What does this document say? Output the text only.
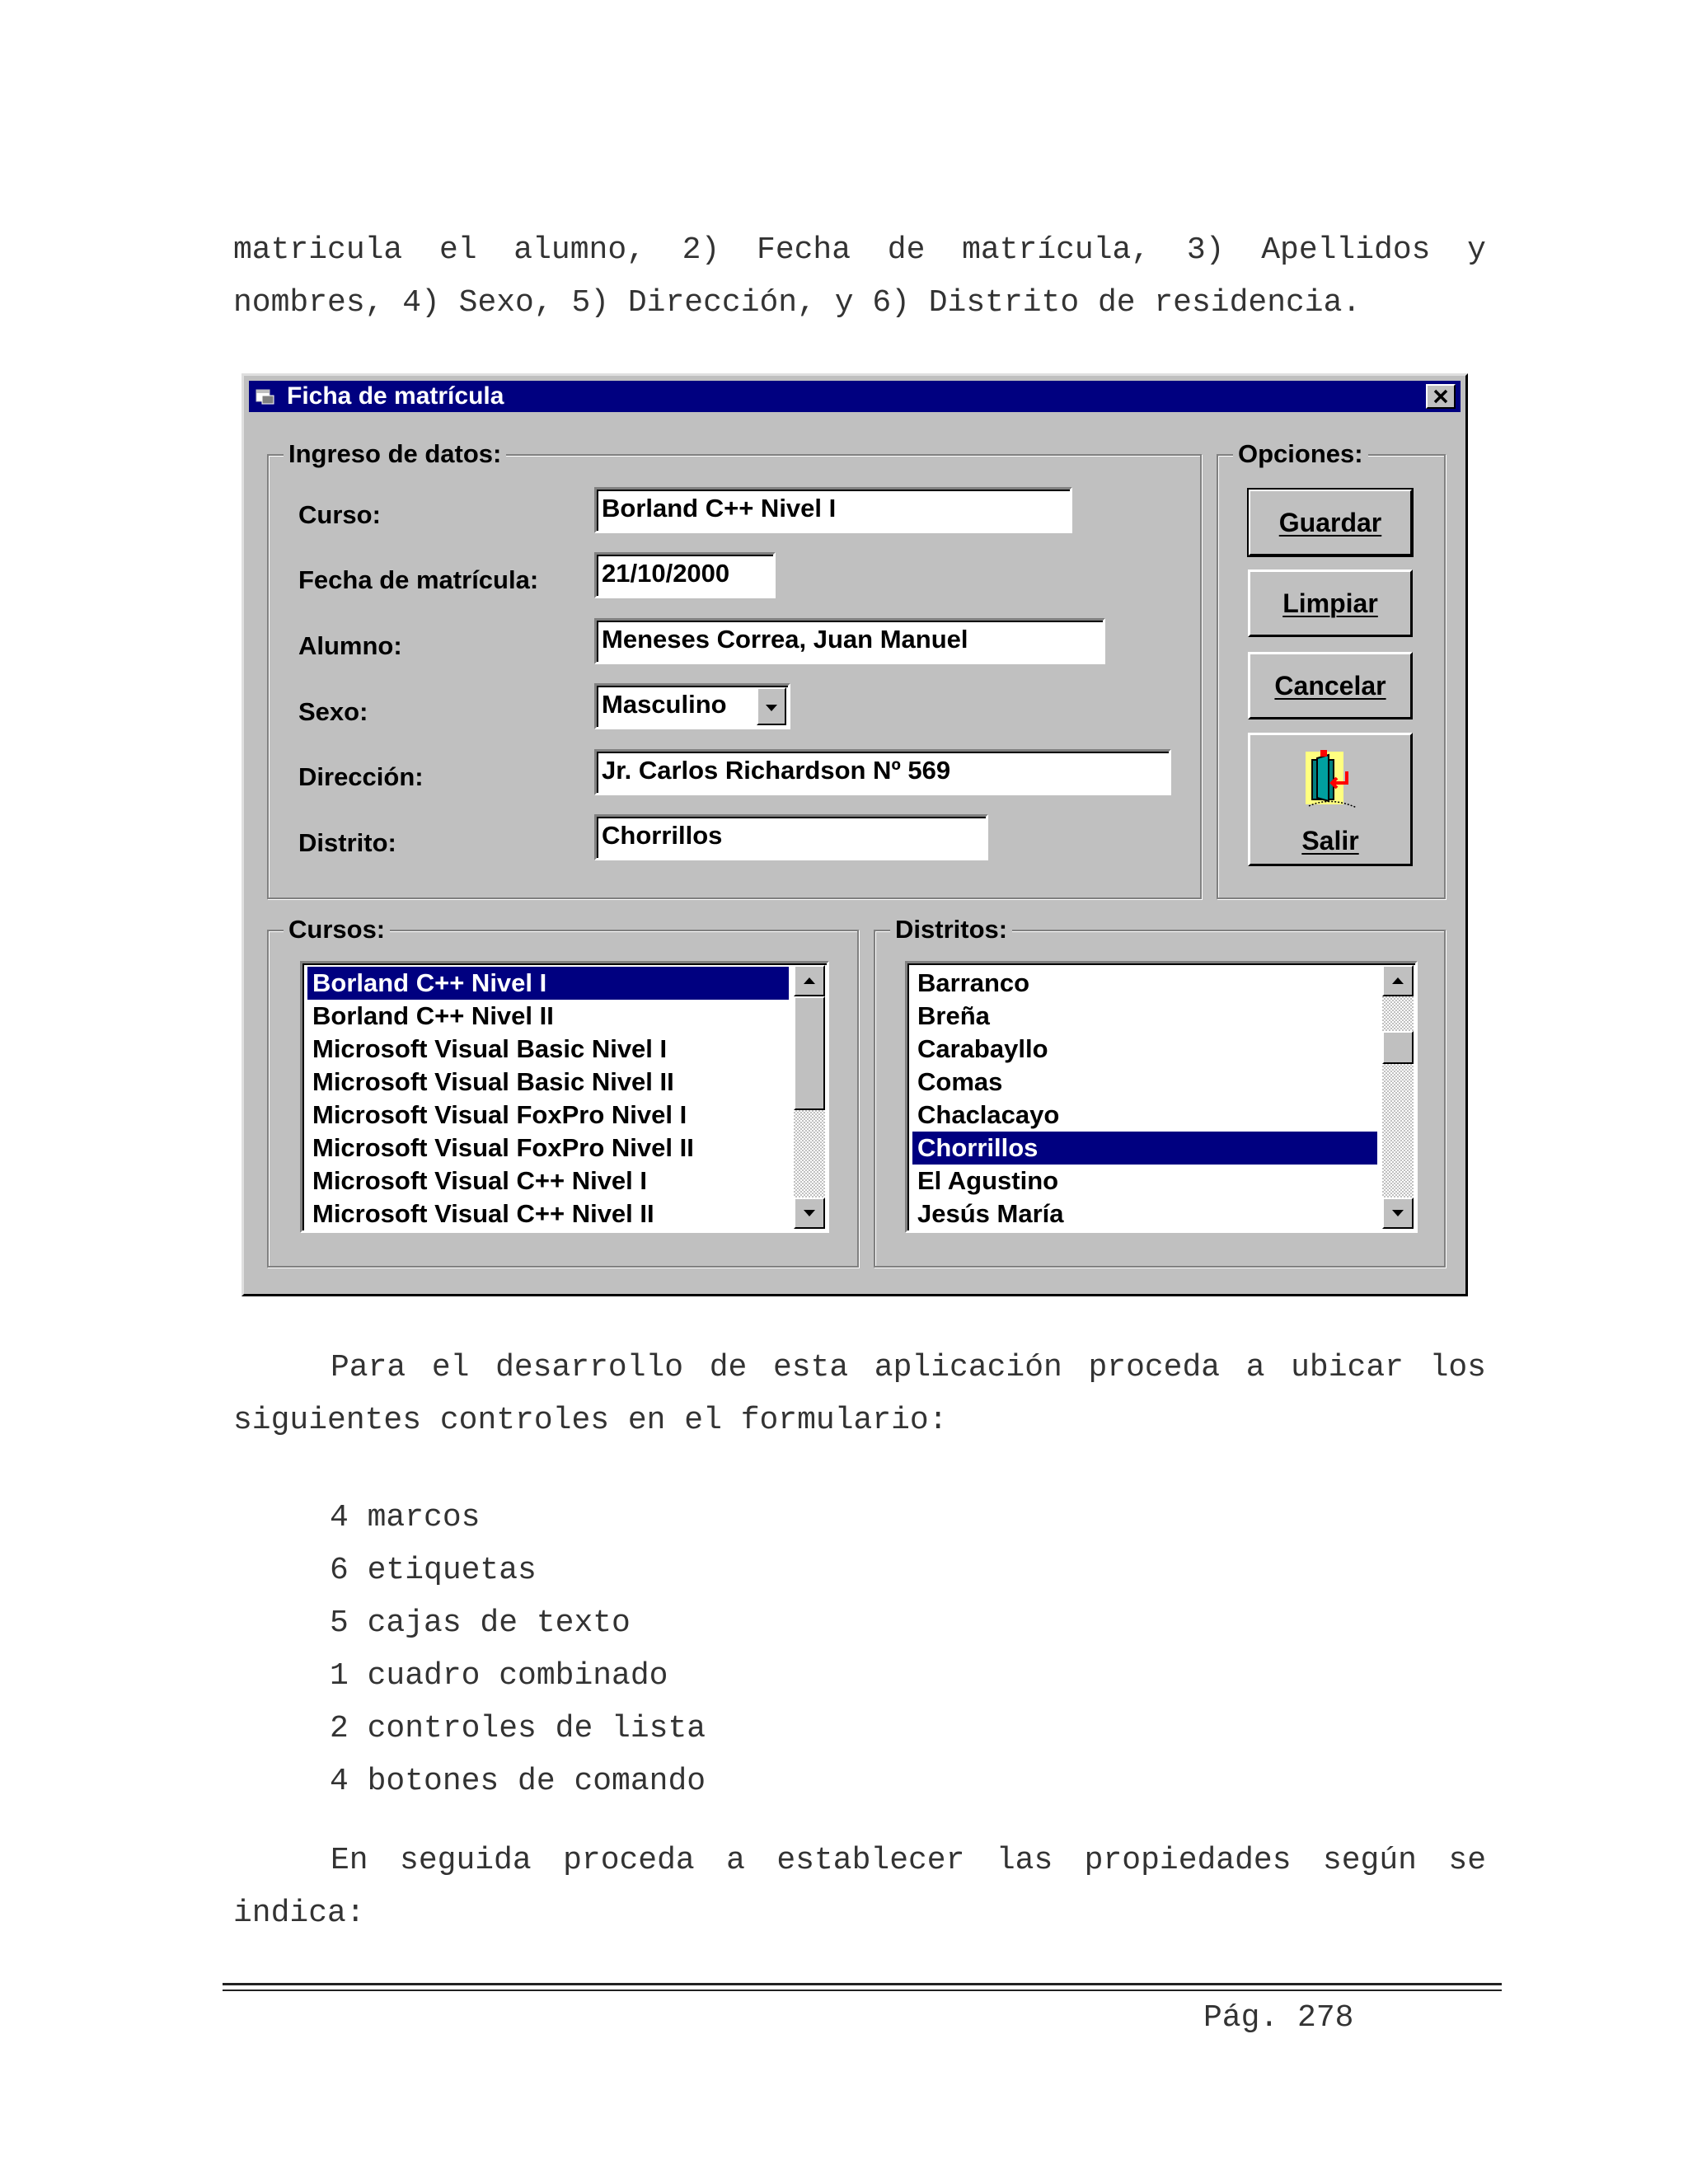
matricula el alumno, 2) Fecha de matrícula, 3) Apellidos y

nombres, 4) Sexo, 5) Dirección, y 6) Distrito de residencia.

Ficha de matrícula
Ingreso de datos:
Curso:	Borland C++ Nivel I
Fecha de matrícula: 21/10/2000
Alumno:	Meneses Correa, Juan Manuel
Sexo:	Masculino
Dirección:	Jr. Carlos Richardson Nº 569
Distrito:	Chorrillos
Opciones:
Guardar
Limpiar
Cancelar
Salir
Cursos:
Borland C++ Nivel I
Borland C++ Nivel II
Microsoft Visual Basic Nivel I
Microsoft Visual Basic Nivel II
Microsoft Visual FoxPro Nivel I
Microsoft Visual FoxPro Nivel II
Microsoft Visual C++ Nivel I
Microsoft Visual C++ Nivel II
Distritos:
Barranco
Breña
Carabayllo
Comas
Chaclacayo
Chorrillos
El Agustino
Jesús María

Para el desarrollo de esta aplicación proceda a ubicar los

siguientes controles en el formulario:

4 marcos
6 etiquetas
5 cajas de texto
1 cuadro combinado
2 controles de lista
4 botones de comando

En seguida proceda a establecer las propiedades según se

indica:

Pág. 278
